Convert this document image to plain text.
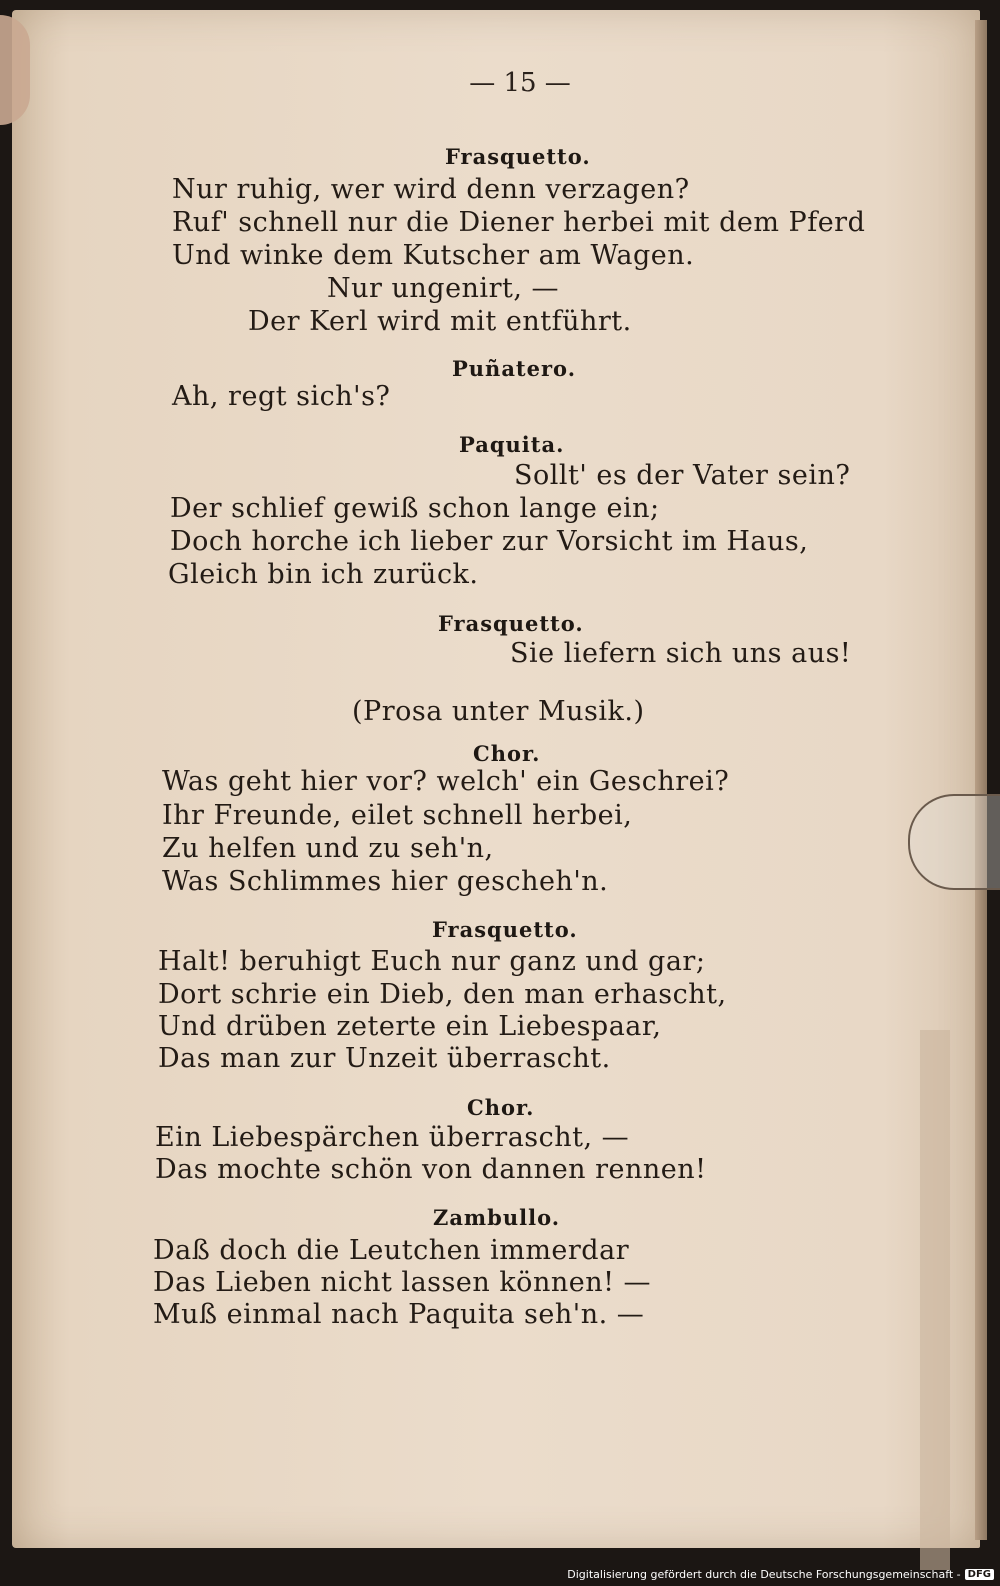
— 15 —
Frasquetto.
Nur ruhig, wer wird denn verzagen?
Ruf' schnell nur die Diener herbei mit dem Pferd
Und winke dem Kutscher am Wagen.
Nur ungenirt, —
Der Kerl wird mit entführt.
Puñatero.
Ah, regt sich's?
Paquita.
Sollt' es der Vater sein?
Der schlief gewiß schon lange ein;
Doch horche ich lieber zur Vorsicht im Haus,
Gleich bin ich zurück.
Frasquetto.
Sie liefern sich uns aus!
(Prosa unter Musik.)
Chor.
Was geht hier vor? welch' ein Geschrei?
Ihr Freunde, eilet schnell herbei,
Zu helfen und zu seh'n,
Was Schlimmes hier gescheh'n.
Frasquetto.
Halt! beruhigt Euch nur ganz und gar;
Dort schrie ein Dieb, den man erhascht,
Und drüben zeterte ein Liebespaar,
Das man zur Unzeit überrascht.
Chor.
Ein Liebespärchen überrascht, —
Das mochte schön von dannen rennen!
Zambullo.
Daß doch die Leutchen immerdar
Das Lieben nicht lassen können! —
Muß einmal nach Paquita seh'n. —
Digitalisierung gefördert durch die Deutsche Forschungsgemeinschaft - DFG
